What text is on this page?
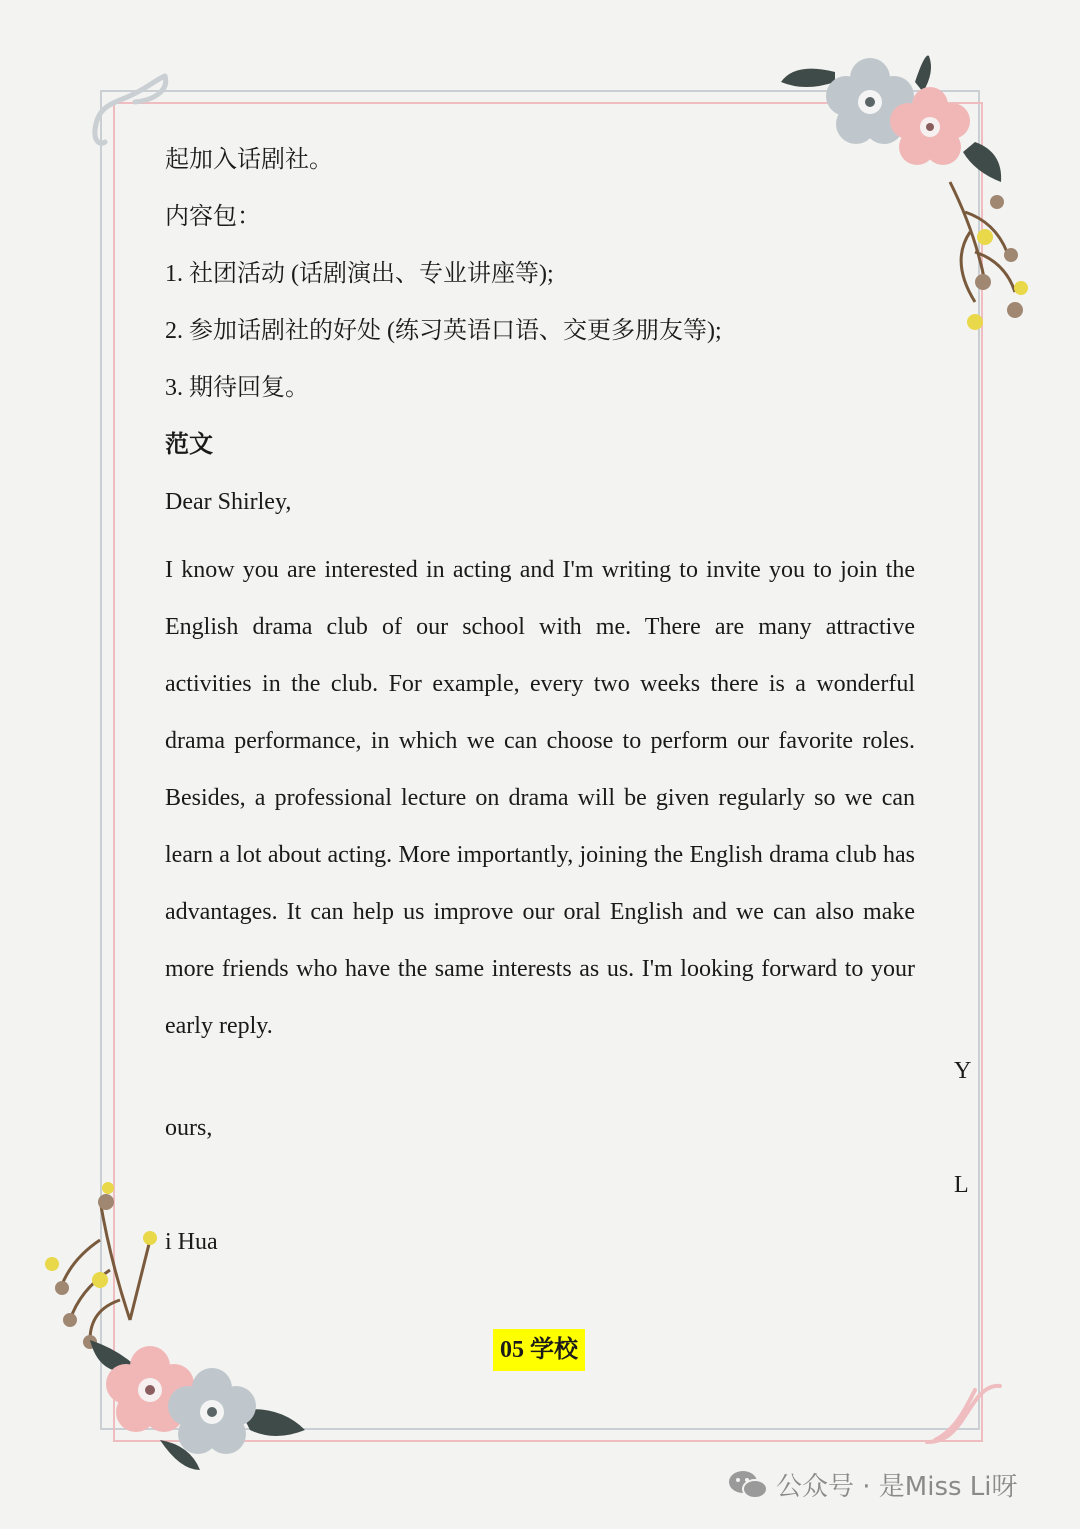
起加入话剧社。
内容包：
1. 社团活动 (话剧演出、专业讲座等);
2. 参加话剧社的好处 (练习英语口语、交更多朋友等);
3. 期待回复。
范文
Dear Shirley,
I know you are interested in acting and I'm writing to invite you to join the English drama club of our school with me. There are many attractive activities in the club. For example, every two weeks there is a wonderful drama performance, in which we can choose to perform our favorite roles. Besides, a professional lecture on drama will be given regularly so we can learn a lot about acting. More importantly, joining the English drama club has advantages. It can help us improve our oral English and we can also make more friends who have the same interests as us. I'm looking forward to your early reply.
Y
ours,
L
i Hua
05 学校
公众号 · 是Miss Li呀
